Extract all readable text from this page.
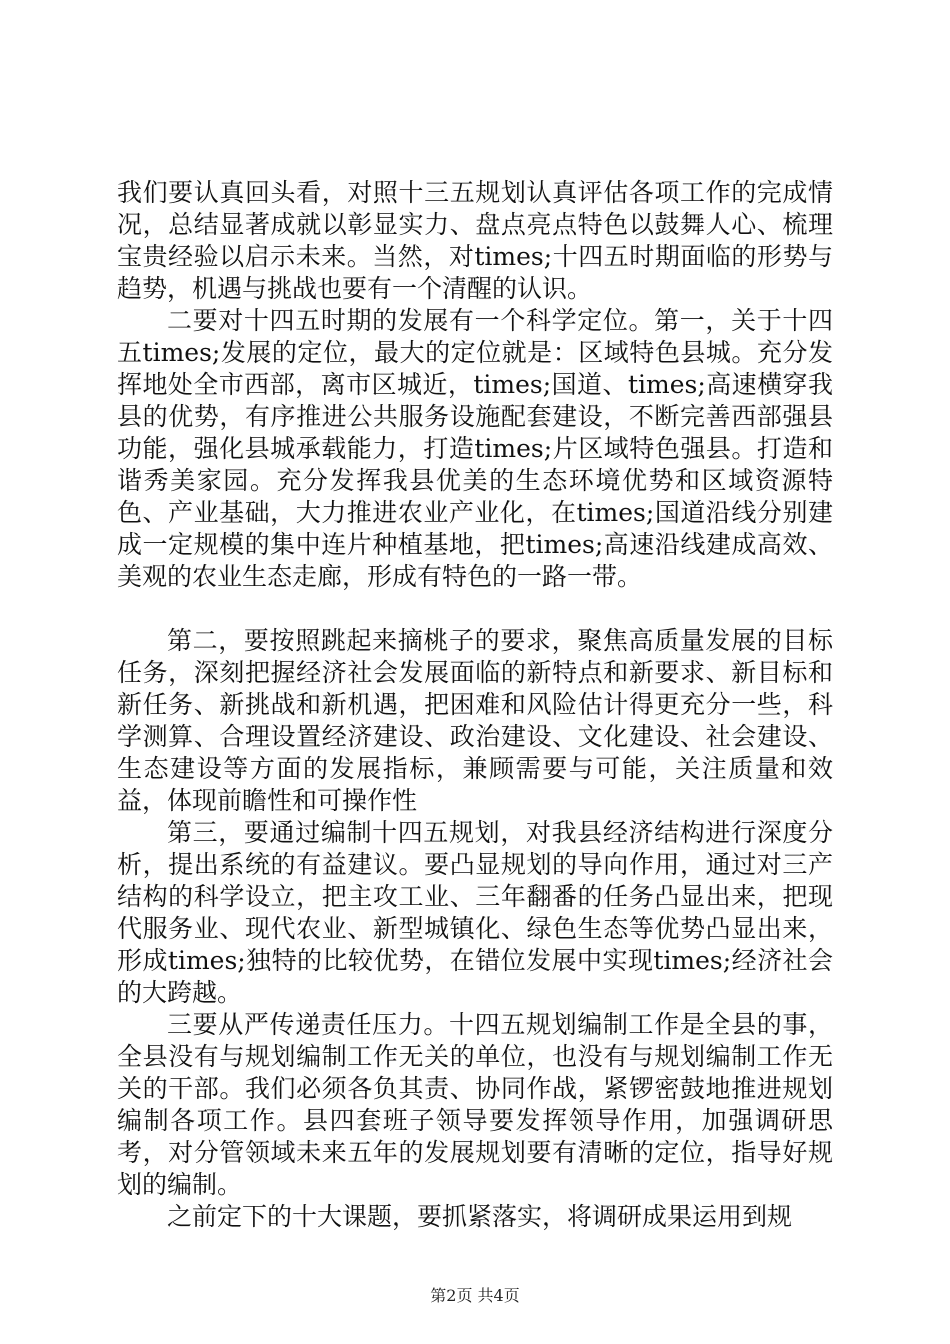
我们要认真回头看，对照十三五规划认真评估各项工作的完成情况，总结显著成就以彰显实力、盘点亮点特色以鼓舞人心、梳理宝贵经验以启示未来。当然，对times;十四五时期面临的形势与趋势，机遇与挑战也要有一个清醒的认识。

二要对十四五时期的发展有一个科学定位。第一，关于十四五times;发展的定位，最大的定位就是：区域特色县城。充分发挥地处全市西部，离市区城近，times;国道、times;高速横穿我县的优势，有序推进公共服务设施配套建设，不断完善西部强县功能，强化县城承载能力，打造times;片区域特色强县。打造和谐秀美家园。充分发挥我县优美的生态环境优势和区域资源特色、产业基础，大力推进农业产业化，在times;国道沿线分别建成一定规模的集中连片种植基地，把times;高速沿线建成高效、美观的农业生态走廊，形成有特色的一路一带。

第二，要按照跳起来摘桃子的要求，聚焦高质量发展的目标任务，深刻把握经济社会发展面临的新特点和新要求、新目标和新任务、新挑战和新机遇，把困难和风险估计得更充分一些，科学测算、合理设置经济建设、政治建设、文化建设、社会建设、生态建设等方面的发展指标，兼顾需要与可能，关注质量和效益，体现前瞻性和可操作性

第三，要通过编制十四五规划，对我县经济结构进行深度分析，提出系统的有益建议。要凸显规划的导向作用，通过对三产结构的科学设立，把主攻工业、三年翻番的任务凸显出来，把现代服务业、现代农业、新型城镇化、绿色生态等优势凸显出来，形成times;独特的比较优势，在错位发展中实现times;经济社会的大跨越。

三要从严传递责任压力。十四五规划编制工作是全县的事，全县没有与规划编制工作无关的单位，也没有与规划编制工作无关的干部。我们必须各负其责、协同作战，紧锣密鼓地推进规划编制各项工作。县四套班子领导要发挥领导作用，加强调研思考，对分管领域未来五年的发展规划要有清晰的定位，指导好规划的编制。

之前定下的十大课题，要抓紧落实，将调研成果运用到规

第2页 共4页
